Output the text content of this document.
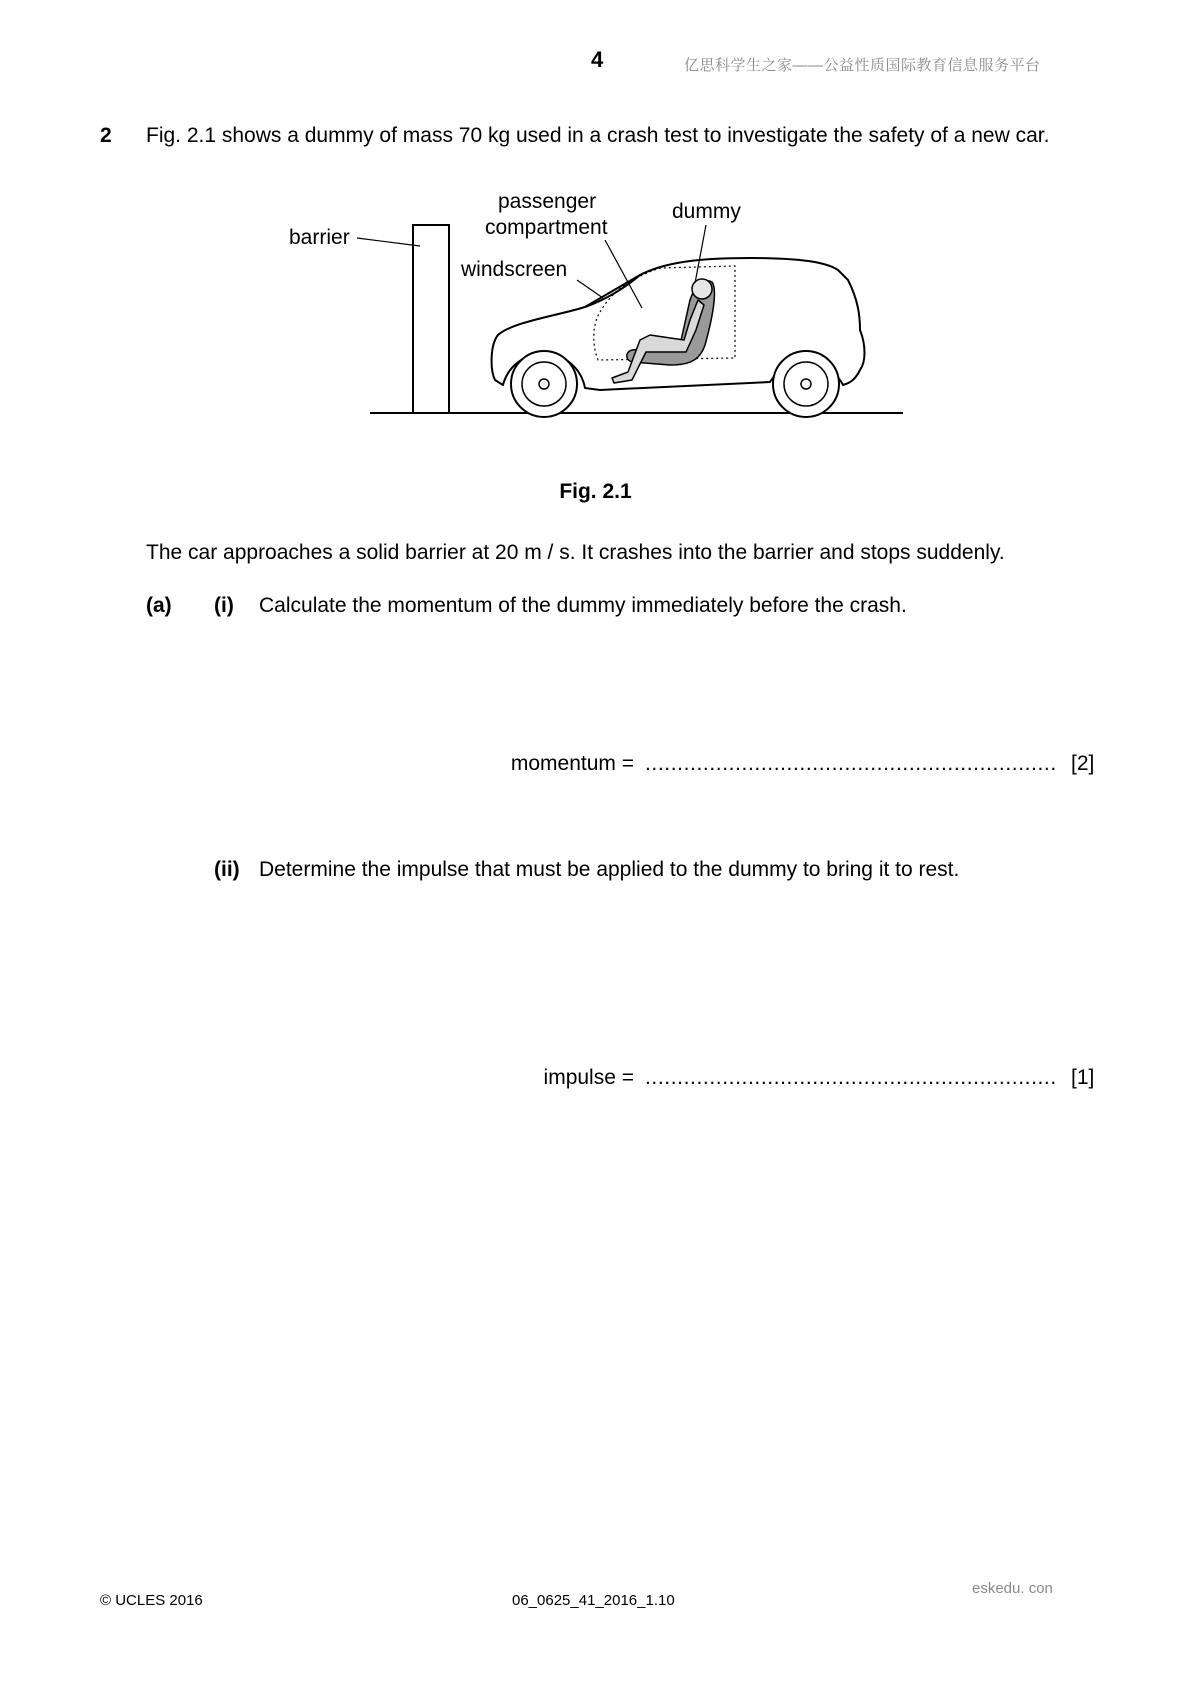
4	亿思科学生之家——公益性质国际教育信息服务平台
2 Fig. 2.1 shows a dummy of mass 70 kg used in a crash test to investigate the safety of a new car.
barrier
passenger
compartment
dummy
windscreen
Fig. 2.1
The car approaches a solid barrier at 20 m / s. It crashes into the barrier and stops suddenly.
(a) (i) Calculate the momentum of the dummy immediately before the crash.
momentum = ................................................................ [2]
(ii) Determine the impulse that must be applied to the dummy to bring it to rest.
impulse = ................................................................ [1]
© UCLES 2016	06_0625_41_2016_1.10
eskedu. con
